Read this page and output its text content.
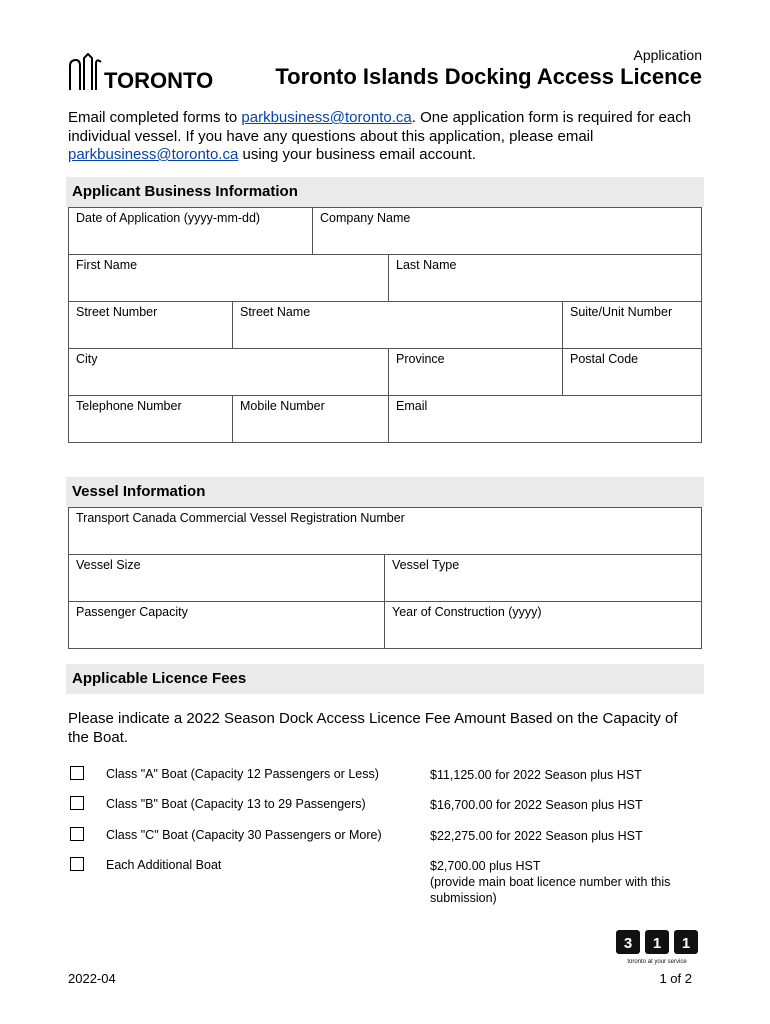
TORONTO
Application
Toronto Islands Docking Access Licence
Email completed forms to parkbusiness@toronto.ca. One application form is required for each individual vessel. If you have any questions about this application, please email parkbusiness@toronto.ca using your business email account.
Applicant Business Information
Date of Application (yyyy-mm-dd)	Company Name
First Name	Last Name
Street Number	Street Name	Suite/Unit Number
City	Province	Postal Code
Telephone Number	Mobile Number	Email
Vessel Information
Transport Canada Commercial Vessel Registration Number
Vessel Size	Vessel Type
Passenger Capacity	Year of Construction (yyyy)
Applicable Licence Fees
Please indicate a 2022 Season Dock Access Licence Fee Amount Based on the Capacity of the Boat.
Class "A" Boat (Capacity 12 Passengers or Less)	$11,125.00 for 2022 Season plus HST
Class "B" Boat (Capacity 13 to 29 Passengers)	$16,700.00 for 2022 Season plus HST
Class "C" Boat (Capacity 30 Passengers or More)	$22,275.00 for 2022 Season plus HST
Each Additional Boat	$2,700.00 plus HST
(provide main boat licence number with this submission)
3 1 1
toronto at your service
2022-04	1 of 2
